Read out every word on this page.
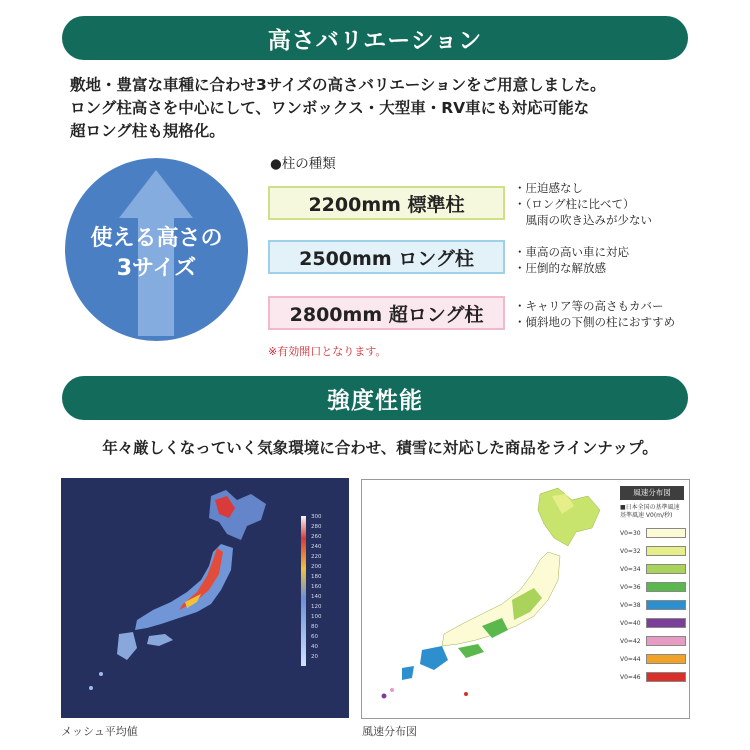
高さバリエーション
敷地・豊富な車種に合わせ3サイズの高さバリエーションをご用意しました。
ロング柱高さを中心にして、ワンボックス・大型車・RV車にも対応可能な
超ロング柱も規格化。
使える高さの
3サイズ
●柱の種類
2200mm 標準柱
・圧迫感なし
・（ロング柱に比べて）
　風雨の吹き込みが少ない
2500mm ロング柱	・車高の高い車に対応
・圧倒的な解放感
2800mm 超ロング柱	・キャリア等の高さもカバー
・傾斜地の下側の柱におすすめ
※有効開口となります。
強度性能
年々厳しくなっていく気象環境に合わせ、積雪に対応した商品をラインナップ。
300
280
260
240
220
200
180
160
140
120
100
80
60
40
20
メッシュ平均値
風速分布図
■日本全国の基準風速
基準風速 V0(m/秒)
V0=30
V0=32
V0=34
V0=36
V0=38
V0=40
V0=42
V0=44
V0=46
風速分布図
